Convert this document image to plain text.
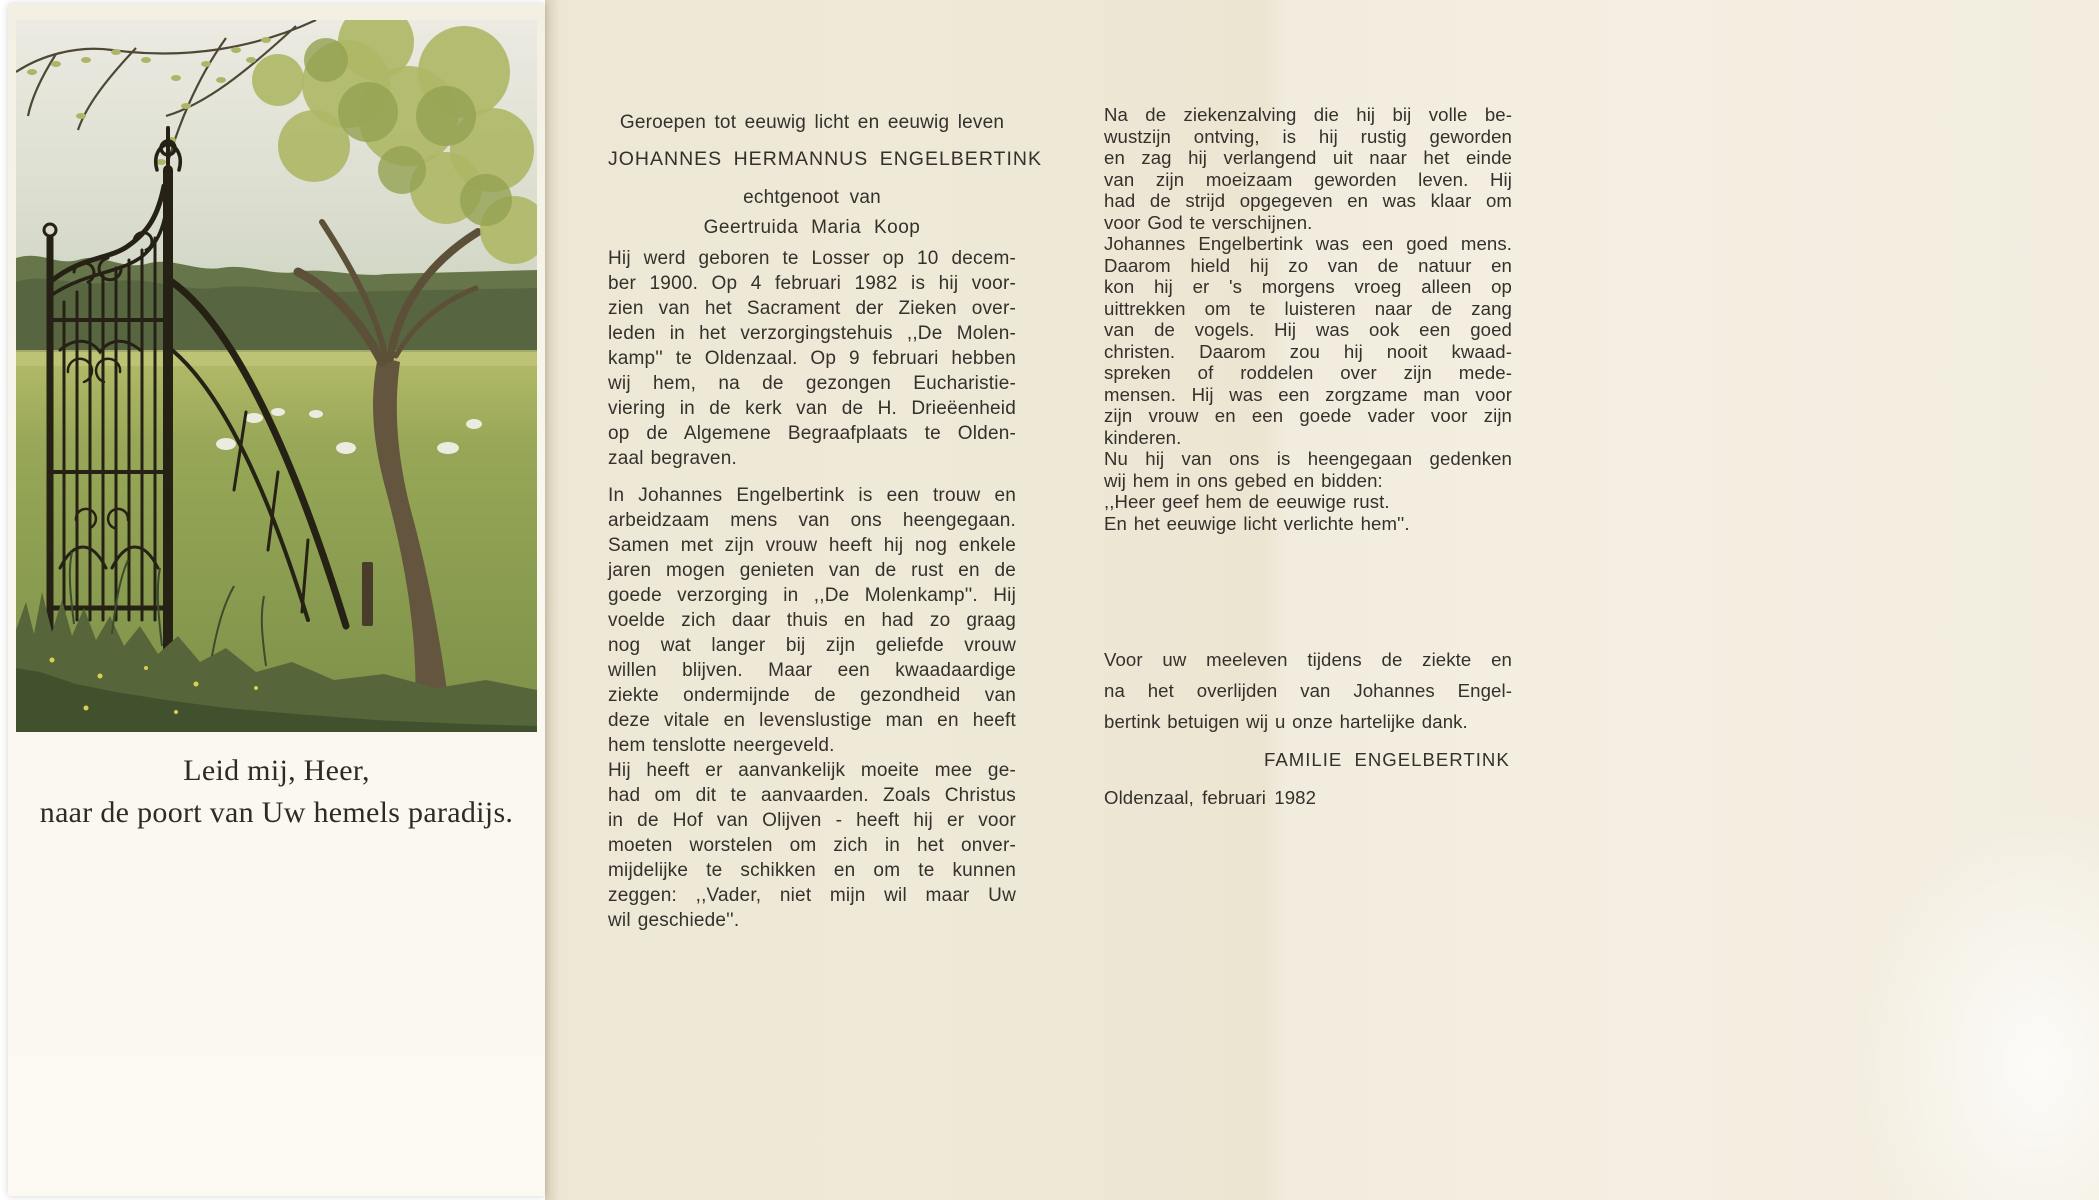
Leid mij, Heer,
naar de poort van Uw hemels paradijs.
Geroepen tot eeuwig licht en eeuwig leven
JOHANNES HERMANNUS ENGELBERTINK
echtgenoot van
Geertruida Maria Koop
Hij werd geboren te Losser op 10 decem-
ber 1900. Op 4 februari 1982 is hij voor-
zien van het Sacrament der Zieken over-
leden in het verzorgingstehuis ,,De Molen-
kamp'' te Oldenzaal. Op 9 februari hebben
wij hem, na de gezongen Eucharistie-
viering in de kerk van de H. Drieëenheid
op de Algemene Begraafplaats te Olden-
zaal begraven.
In Johannes Engelbertink is een trouw en
arbeidzaam mens van ons heengegaan.
Samen met zijn vrouw heeft hij nog enkele
jaren mogen genieten van de rust en de
goede verzorging in ,,De Molenkamp''. Hij
voelde zich daar thuis en had zo graag
nog wat langer bij zijn geliefde vrouw
willen blijven. Maar een kwaadaardige
ziekte ondermijnde de gezondheid van
deze vitale en levenslustige man en heeft
hem tenslotte neergeveld.
Hij heeft er aanvankelijk moeite mee ge-
had om dit te aanvaarden. Zoals Christus
in de Hof van Olijven - heeft hij er voor
moeten worstelen om zich in het onver-
mijdelijke te schikken en om te kunnen
zeggen: ,,Vader, niet mijn wil maar Uw
wil geschiede''.
Na de ziekenzalving die hij bij volle be-
wustzijn ontving, is hij rustig geworden
en zag hij verlangend uit naar het einde
van zijn moeizaam geworden leven. Hij
had de strijd opgegeven en was klaar om
voor God te verschijnen.
Johannes Engelbertink was een goed mens.
Daarom hield hij zo van de natuur en
kon hij er 's morgens vroeg alleen op
uittrekken om te luisteren naar de zang
van de vogels. Hij was ook een goed
christen. Daarom zou hij nooit kwaad-
spreken of roddelen over zijn mede-
mensen. Hij was een zorgzame man voor
zijn vrouw en een goede vader voor zijn
kinderen.
Nu hij van ons is heengegaan gedenken
wij hem in ons gebed en bidden:
,,Heer geef hem de eeuwige rust.
En het eeuwige licht verlichte hem''.
Voor uw meeleven tijdens de ziekte en
na het overlijden van Johannes Engel-
bertink betuigen wij u onze hartelijke dank.
FAMILIE ENGELBERTINK
Oldenzaal, februari 1982
